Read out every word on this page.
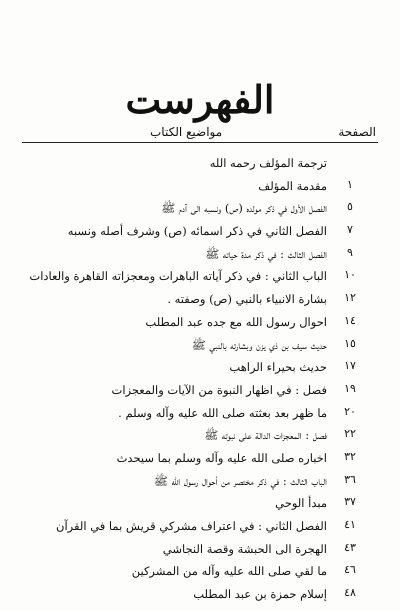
الفهرست
الصفحة
مواضيع الكتاب
ترجمة المؤلف رحمه الله
١
مقدمة المؤلف
٥
الفصل الأول في ذكر مولده (ص) ونسبه الى آدم ﷺ
٧
الفصل الثاني في ذكر اسمائه (ص) وشرف أصله ونسبه
٩
الفصل الثالث : في ذكر مدة حياته ﷺ
١٠
الباب الثاني : في ذكر آياته الباهرات ومعجزاته القاهرة والعادات
١٢
بشارة الانبياء بالنبي (ص) وصفته .
١٤
احوال رسول الله مع جده عبد المطلب
١٥
حديث سيف بن ذي يزن وبشارته بالنبي ﷺ
١٧
حديث بحيراء الراهب
١٩
فصل : في اظهار النبوة من الآيات والمعجزات
٢٠
ما ظهر بعد بعثته صلى الله عليه وآله وسلم .
٢٢
فصل : المعجزات الدالة على نبوته ﷺ
٣٢
اخباره صلى الله عليه وآله وسلم بما سيحدث
٣٦
الباب الثالث : في ذكر مختصر من أحوال رسول الله ﷺ
٣٧
مبدأ الوحي
٤١
الفصل الثاني : في اعتراف مشركي قريش بما في القرآن
٤٣
الهجرة الى الحبشة وقصة النجاشي
٤٦
ما لقي صلى الله عليه وآله من المشركين
٤٨
إسلام حمزة بن عبد المطلب
